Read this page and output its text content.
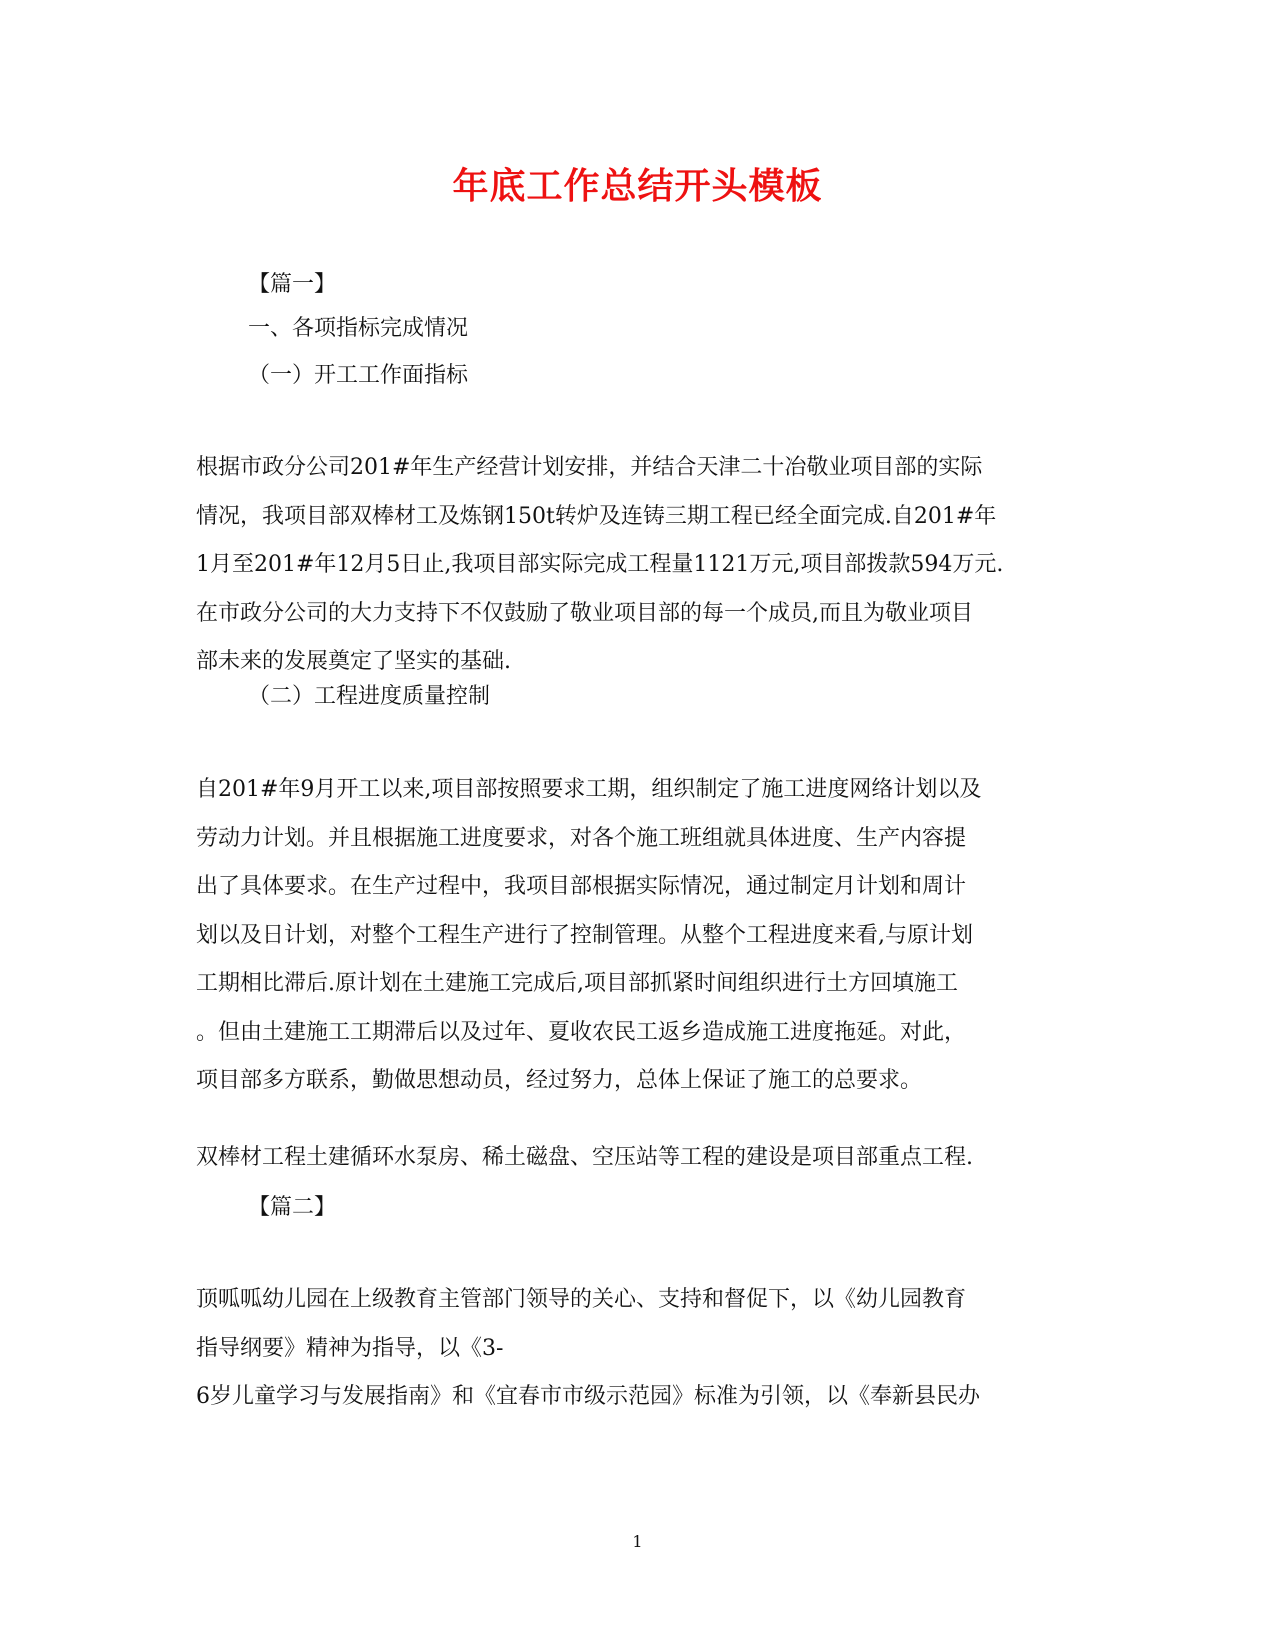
年底工作总结开头模板
【篇一】
一、各项指标完成情况
（一）开工工作面指标

根据市政分公司201#年生产经营计划安排，并结合天津二十冶敬业项目部的实际

情况，我项目部双棒材工及炼钢150t转炉及连铸三期工程已经全面完成.自201#年

1月至201#年12月5日止,我项目部实际完成工程量1121万元,项目部拨款594万元.

在市政分公司的大力支持下不仅鼓励了敬业项目部的每一个成员,而且为敬业项目

部未来的发展奠定了坚实的基础.

（二）工程进度质量控制

自201#年9月开工以来,项目部按照要求工期，组织制定了施工进度网络计划以及

劳动力计划。并且根据施工进度要求，对各个施工班组就具体进度、生产内容提

出了具体要求。在生产过程中，我项目部根据实际情况，通过制定月计划和周计

划以及日计划，对整个工程生产进行了控制管理。从整个工程进度来看,与原计划

工期相比滞后.原计划在土建施工完成后,项目部抓紧时间组织进行土方回填施工

。但由土建施工工期滞后以及过年、夏收农民工返乡造成施工进度拖延。对此，

项目部多方联系，勤做思想动员，经过努力，总体上保证了施工的总要求。

双棒材工程土建循环水泵房、稀土磁盘、空压站等工程的建设是项目部重点工程.

【篇二】

顶呱呱幼儿园在上级教育主管部门领导的关心、支持和督促下，以《幼儿园教育

指导纲要》精神为指导，以《3-

6岁儿童学习与发展指南》和《宜春市市级示范园》标准为引领，以《奉新县民办

1
